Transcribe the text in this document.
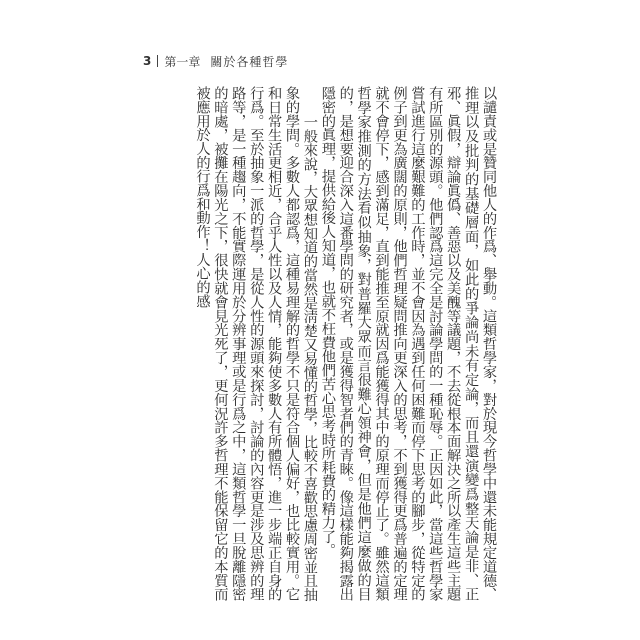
3 第一章 關於各種哲學

以譴責或是贊同他人的作爲、舉動。這類哲學家，對於現今哲學中還未能規定道德、推理以及批判的基礎層面，如此的爭論尚未有定論，而且還演變爲整天論是非、正邪、眞假，辯論眞僞、善惡以及美醜等議題，不去從根本面解決之所以產生這些主題有所區別的源頭。他們認爲這完全是討論學問的一種恥辱。正因如此，當這些哲學家嘗試進行這麼艱難的工作時，並不會因為遇到任何困難而停下思考的腳步，從特定的例子到更為廣闊的原則，他們哲理疑問推向更深入的思考，不到獲得更爲普遍的定理就不會停下，感到滿足，直到能推至原就因爲能獲得其中的原理而停止了。雖然這類哲學家推測的方法看似抽象，對普羅大眾而言很難心領神會，但是他們這麼做的目的，是想要迎合深入這番學問的研究者，或是獲得智者們的青睞。像這樣能夠揭露出隱密的眞理，提供給後人知道，也就不枉費他們苦心思考時所耗費的精力了。

一般來說，大眾想知道的當然是淸楚又易懂的哲學，比較不喜歡思慮周密並且抽象的學問。多數人都認爲，這種易理解的哲學不只是符合個人偏好，也比較實用。它和日常生活更相近，合乎人性以及人情，能夠使多數人有所體悟，進一步端正自身的行爲。至於抽象一派的哲學，是從人性的源頭來探討，討論的內容更是涉及思辨的理路等，是一種趨向，不能實際運用於分辨事理或是行爲之中，這類哲學一旦脫離隱密的暗處，被攤在陽光之下，很快就會見光死了，更何況許多哲理不能保留它的本質而被應用於人的行爲和動作！人心的感
